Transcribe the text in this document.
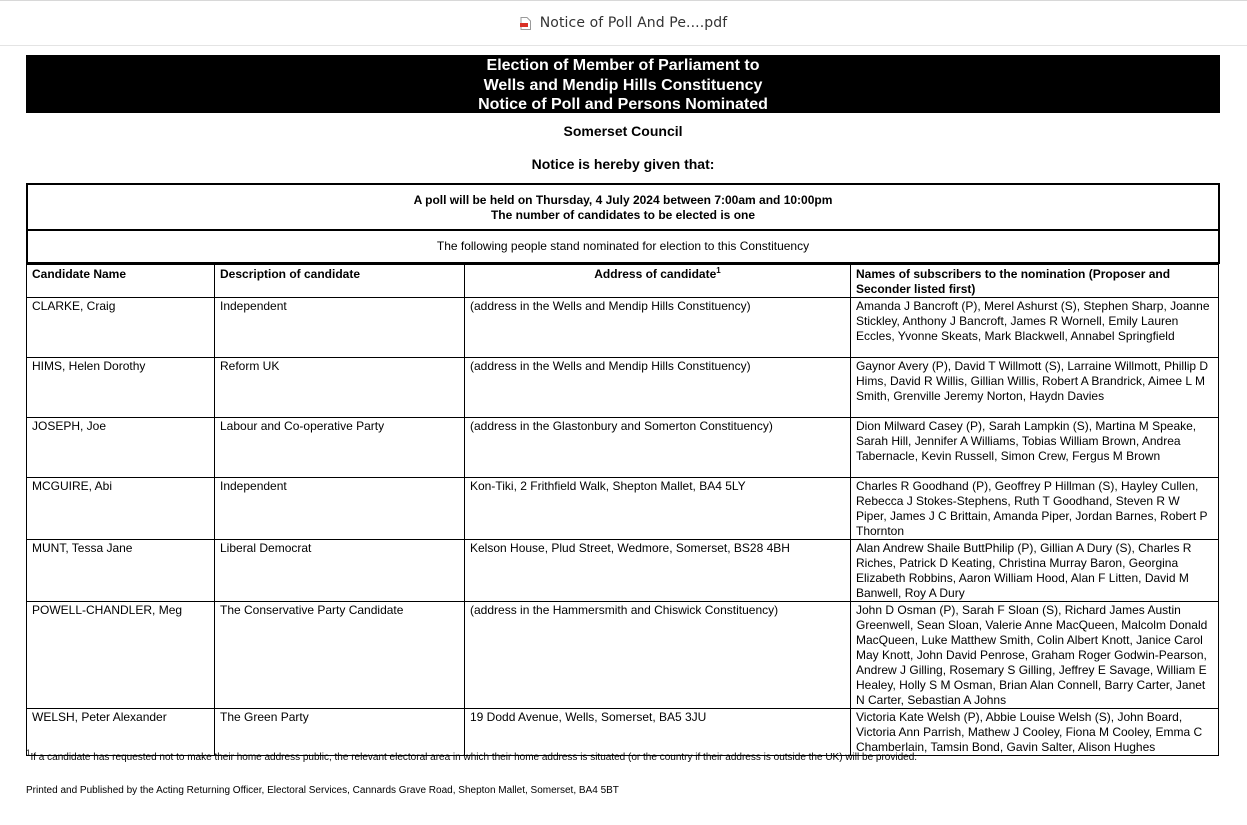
Notice of Poll And Pe....pdf
Election of Member of Parliament to
Wells and Mendip Hills Constituency
Notice of Poll and Persons Nominated
Somerset Council
Notice is hereby given that:
A poll will be held on Thursday, 4 July 2024 between 7:00am and 10:00pm
The number of candidates to be elected is one
The following people stand nominated for election to this Constituency
Candidate Name	Description of candidate	Address of candidate$^1$	Names of subscribers to the nomination (Proposer and Seconder listed first)
CLARKE, Craig	Independent	(address in the Wells and Mendip Hills Constituency)	Amanda J Bancroft (P), Merel Ashurst (S), Stephen Sharp, Joanne Stickley, Anthony J Bancroft, James R Wornell, Emily Lauren Eccles, Yvonne Skeats, Mark Blackwell, Annabel Springfield
HIMS, Helen Dorothy	Reform UK	(address in the Wells and Mendip Hills Constituency)	Gaynor Avery (P), David T Willmott (S), Larraine Willmott, Phillip D Hims, David R Willis, Gillian Willis, Robert A Brandrick, Aimee L M Smith, Grenville Jeremy Norton, Haydn Davies
JOSEPH, Joe	Labour and Co-operative Party	(address in the Glastonbury and Somerton Constituency)	Dion Milward Casey (P), Sarah Lampkin (S), Martina M Speake, Sarah Hill, Jennifer A Williams, Tobias William Brown, Andrea Tabernacle, Kevin Russell, Simon Crew, Fergus M Brown
MCGUIRE, Abi	Independent	Kon-Tiki, 2 Frithfield Walk, Shepton Mallet, BA4 5LY	Charles R Goodhand (P), Geoffrey P Hillman (S), Hayley Cullen, Rebecca J Stokes-Stephens, Ruth T Goodhand, Steven R W Piper, James J C Brittain, Amanda Piper, Jordan Barnes, Robert P Thornton
MUNT, Tessa Jane	Liberal Democrat	Kelson House, Plud Street, Wedmore, Somerset, BS28 4BH	Alan Andrew Shaile ButtPhilip (P), Gillian A Dury (S), Charles R Riches, Patrick D Keating, Christina Murray Baron, Georgina Elizabeth Robbins, Aaron William Hood, Alan F Litten, David M Banwell, Roy A Dury
POWELL-CHANDLER, Meg	The Conservative Party Candidate	(address in the Hammersmith and Chiswick Constituency)	John D Osman (P), Sarah F Sloan (S), Richard James Austin Greenwell, Sean Sloan, Valerie Anne MacQueen, Malcolm Donald MacQueen, Luke Matthew Smith, Colin Albert Knott, Janice Carol May Knott, John David Penrose, Graham Roger Godwin-Pearson, Andrew J Gilling, Rosemary S Gilling, Jeffrey E Savage, William E Healey, Holly S M Osman, Brian Alan Connell, Barry Carter, Janet N Carter, Sebastian A Johns
WELSH, Peter Alexander	The Green Party	19 Dodd Avenue, Wells, Somerset, BA5 3JU	Victoria Kate Welsh (P), Abbie Louise Welsh (S), John Board, Victoria Ann Parrish, Mathew J Cooley, Fiona M Cooley, Emma C Chamberlain, Tamsin Bond, Gavin Salter, Alison Hughes
$^1$If a candidate has requested not to make their home address public, the relevant electoral area in which their home address is situated (or the country if their address is outside the UK) will be provided.
Printed and Published by the Acting Returning Officer, Electoral Services, Cannards Grave Road, Shepton Mallet, Somerset, BA4 5BT
